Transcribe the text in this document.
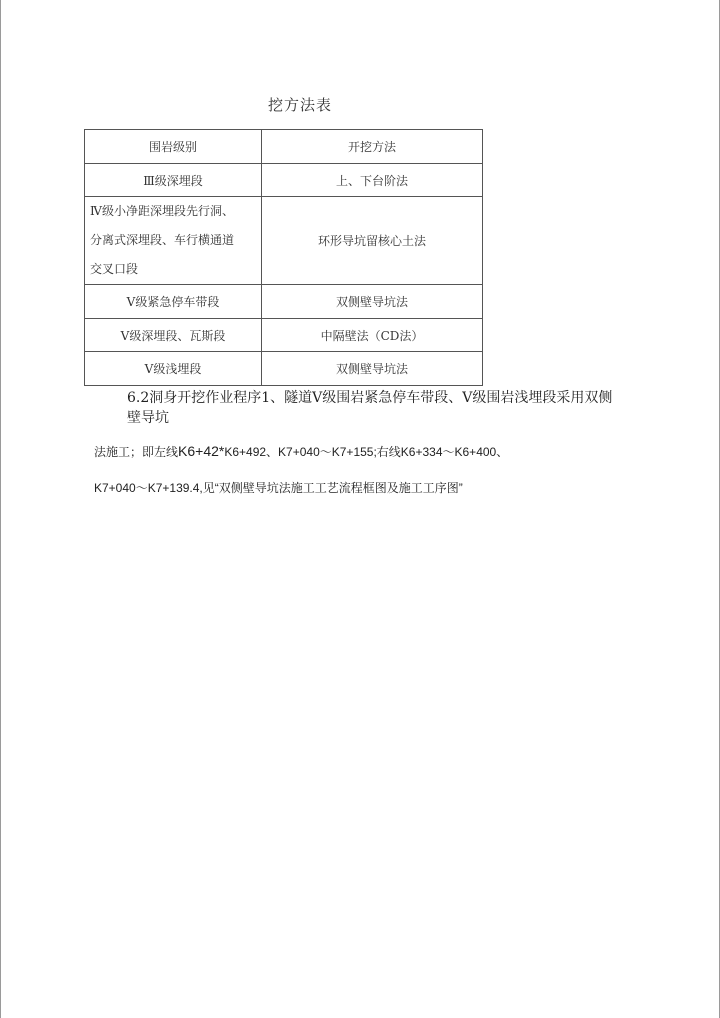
挖方法表
围岩级别	开挖方法
Ⅲ级深埋段	上、下台阶法

Ⅳ级小净距深埋段先行洞、
分离式深埋段、车行横通道
交叉口段	环形导坑留核心土法
V级紧急停车带段	双侧壁导坑法
V级深埋段、瓦斯段	中隔壁法（CD法）
V级浅埋段	双侧壁导坑法
6.2洞身开挖作业程序1、隧道V级围岩紧急停车带段、V级围岩浅埋段采用双侧
壁导坑
法施工；即左线K6+42*K6+492、K7+040～K7+155;右线K6+334～K6+400、
K7+040～K7+139.4,见“双侧壁导坑法施工工艺流程框图及施工工序图”
